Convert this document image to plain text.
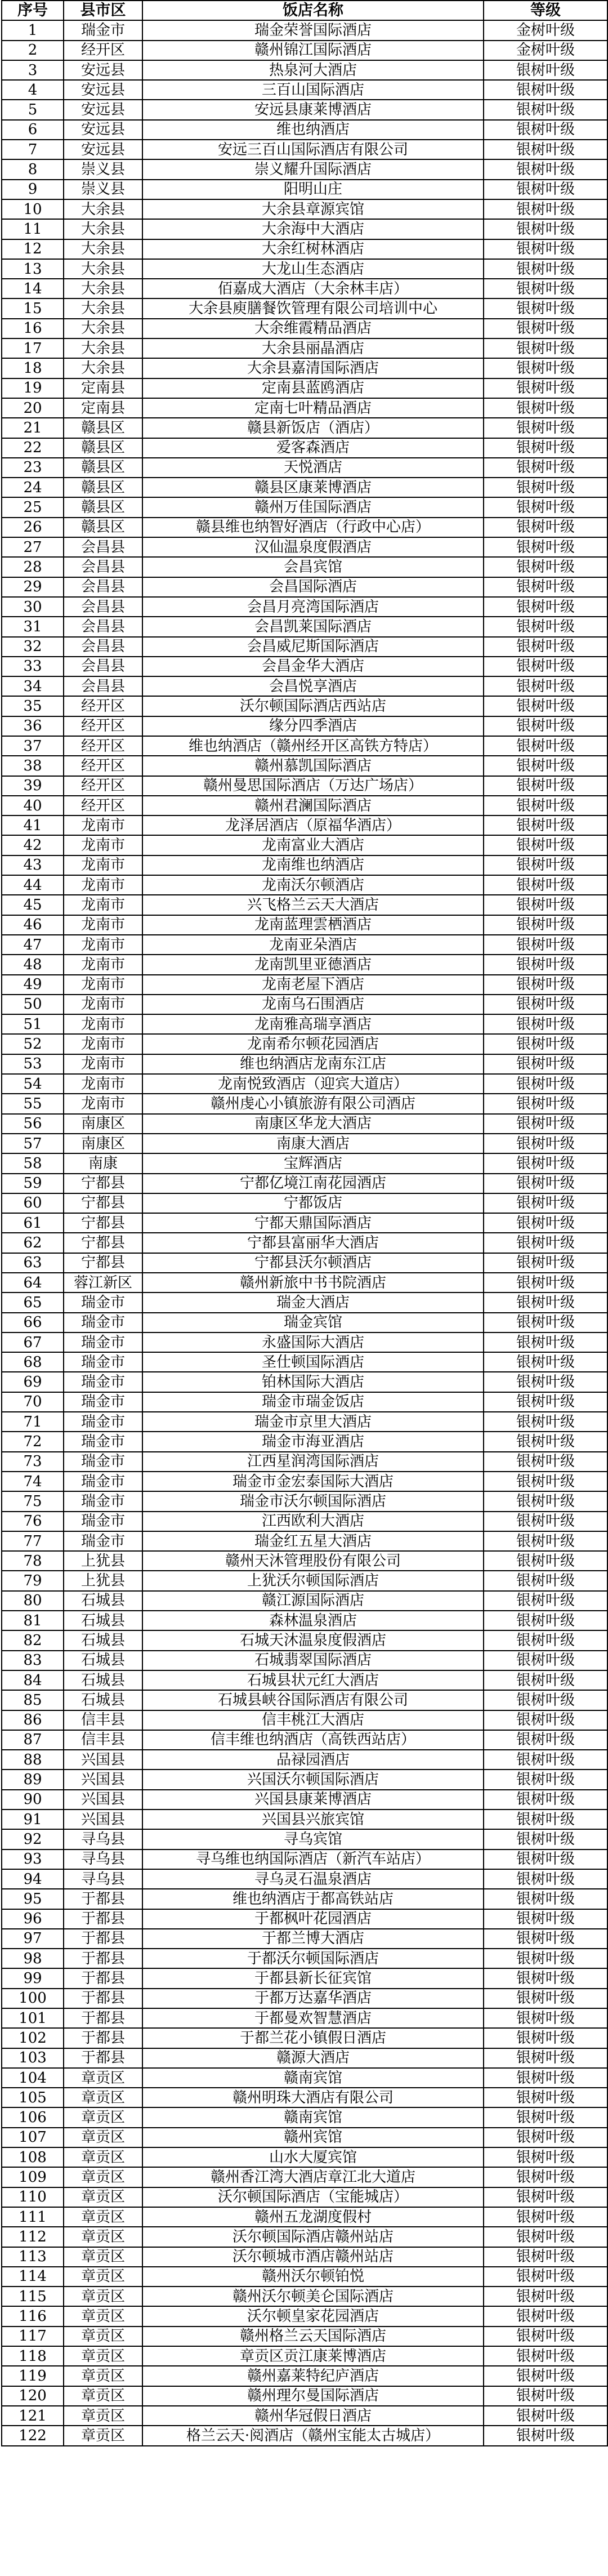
序号	县市区	饭店名称	等级
1	瑞金市	瑞金荣誉国际酒店	金树叶级
2	经开区	赣州锦江国际酒店	金树叶级
3	安远县	热泉河大酒店	银树叶级
4	安远县	三百山国际酒店	银树叶级
5	安远县	安远县康莱博酒店	银树叶级
6	安远县	维也纳酒店	银树叶级
7	安远县	安远三百山国际酒店有限公司	银树叶级
8	崇义县	崇义耀升国际酒店	银树叶级
9	崇义县	阳明山庄	银树叶级
10	大余县	大余县章源宾馆	银树叶级
11	大余县	大余海中大酒店	银树叶级
12	大余县	大余红树林酒店	银树叶级
13	大余县	大龙山生态酒店	银树叶级
14	大余县	佰嘉成大酒店（大余林丰店）	银树叶级
15	大余县	大余县庾膳餐饮管理有限公司培训中心	银树叶级
16	大余县	大余维霞精品酒店	银树叶级
17	大余县	大余县丽晶酒店	银树叶级
18	大余县	大余县嘉清国际酒店	银树叶级
19	定南县	定南县蓝鸥酒店	银树叶级
20	定南县	定南七叶精品酒店	银树叶级
21	赣县区	赣县新饭店（酒店）	银树叶级
22	赣县区	爱客森酒店	银树叶级
23	赣县区	天悦酒店	银树叶级
24	赣县区	赣县区康莱博酒店	银树叶级
25	赣县区	赣州万佳国际酒店	银树叶级
26	赣县区	赣县维也纳智好酒店（行政中心店）	银树叶级
27	会昌县	汉仙温泉度假酒店	银树叶级
28	会昌县	会昌宾馆	银树叶级
29	会昌县	会昌国际酒店	银树叶级
30	会昌县	会昌月亮湾国际酒店	银树叶级
31	会昌县	会昌凯莱国际酒店	银树叶级
32	会昌县	会昌威尼斯国际酒店	银树叶级
33	会昌县	会昌金华大酒店	银树叶级
34	会昌县	会昌悦享酒店	银树叶级
35	经开区	沃尔顿国际酒店西站店	银树叶级
36	经开区	缘分四季酒店	银树叶级
37	经开区	维也纳酒店（赣州经开区高铁方特店）	银树叶级
38	经开区	赣州慕凯国际酒店	银树叶级
39	经开区	赣州曼思国际酒店（万达广场店）	银树叶级
40	经开区	赣州君澜国际酒店	银树叶级
41	龙南市	龙泽居酒店（原福华酒店）	银树叶级
42	龙南市	龙南富业大酒店	银树叶级
43	龙南市	龙南维也纳酒店	银树叶级
44	龙南市	龙南沃尔顿酒店	银树叶级
45	龙南市	兴飞格兰云天大酒店	银树叶级
46	龙南市	龙南蓝理雲栖酒店	银树叶级
47	龙南市	龙南亚朵酒店	银树叶级
48	龙南市	龙南凯里亚德酒店	银树叶级
49	龙南市	龙南老屋下酒店	银树叶级
50	龙南市	龙南乌石围酒店	银树叶级
51	龙南市	龙南雅高瑞享酒店	银树叶级
52	龙南市	龙南希尔顿花园酒店	银树叶级
53	龙南市	维也纳酒店龙南东江店	银树叶级
54	龙南市	龙南悦致酒店（迎宾大道店）	银树叶级
55	龙南市	赣州虔心小镇旅游有限公司酒店	银树叶级
56	南康区	南康区华龙大酒店	银树叶级
57	南康区	南康大酒店	银树叶级
58	南康	宝辉酒店	银树叶级
59	宁都县	宁都亿境江南花园酒店	银树叶级
60	宁都县	宁都饭店	银树叶级
61	宁都县	宁都天鼎国际酒店	银树叶级
62	宁都县	宁都县富丽华大酒店	银树叶级
63	宁都县	宁都县沃尔顿酒店	银树叶级
64	蓉江新区	赣州新旅中书书院酒店	银树叶级
65	瑞金市	瑞金大酒店	银树叶级
66	瑞金市	瑞金宾馆	银树叶级
67	瑞金市	永盛国际大酒店	银树叶级
68	瑞金市	圣仕顿国际酒店	银树叶级
69	瑞金市	铂林国际大酒店	银树叶级
70	瑞金市	瑞金市瑞金饭店	银树叶级
71	瑞金市	瑞金市京里大酒店	银树叶级
72	瑞金市	瑞金市海亚酒店	银树叶级
73	瑞金市	江西星润湾国际酒店	银树叶级
74	瑞金市	瑞金市金宏泰国际大酒店	银树叶级
75	瑞金市	瑞金市沃尔顿国际酒店	银树叶级
76	瑞金市	江西欧利大酒店	银树叶级
77	瑞金市	瑞金红五星大酒店	银树叶级
78	上犹县	赣州天沐管理股份有限公司	银树叶级
79	上犹县	上犹沃尔顿国际酒店	银树叶级
80	石城县	赣江源国际酒店	银树叶级
81	石城县	森林温泉酒店	银树叶级
82	石城县	石城天沐温泉度假酒店	银树叶级
83	石城县	石城翡翠国际酒店	银树叶级
84	石城县	石城县状元红大酒店	银树叶级
85	石城县	石城县峡谷国际酒店有限公司	银树叶级
86	信丰县	信丰桃江大酒店	银树叶级
87	信丰县	信丰维也纳酒店（高铁西站店）	银树叶级
88	兴国县	品禄园酒店	银树叶级
89	兴国县	兴国沃尔顿国际酒店	银树叶级
90	兴国县	兴国县康莱博酒店	银树叶级
91	兴国县	兴国县兴旅宾馆	银树叶级
92	寻乌县	寻乌宾馆	银树叶级
93	寻乌县	寻乌维也纳国际酒店（新汽车站店）	银树叶级
94	寻乌县	寻乌灵石温泉酒店	银树叶级
95	于都县	维也纳酒店于都高铁站店	银树叶级
96	于都县	于都枫叶花园酒店	银树叶级
97	于都县	于都兰博大酒店	银树叶级
98	于都县	于都沃尔顿国际酒店	银树叶级
99	于都县	于都县新长征宾馆	银树叶级
100	于都县	于都万达嘉华酒店	银树叶级
101	于都县	于都曼欢智慧酒店	银树叶级
102	于都县	于都兰花小镇假日酒店	银树叶级
103	于都县	赣源大酒店	银树叶级
104	章贡区	赣南宾馆	银树叶级
105	章贡区	赣州明珠大酒店有限公司	银树叶级
106	章贡区	赣南宾馆	银树叶级
107	章贡区	赣州宾馆	银树叶级
108	章贡区	山水大厦宾馆	银树叶级
109	章贡区	赣州香江湾大酒店章江北大道店	银树叶级
110	章贡区	沃尔顿国际酒店（宝能城店）	银树叶级
111	章贡区	赣州五龙湖度假村	银树叶级
112	章贡区	沃尔顿国际酒店赣州站店	银树叶级
113	章贡区	沃尔顿城市酒店赣州站店	银树叶级
114	章贡区	赣州沃尔顿铂悦	银树叶级
115	章贡区	赣州沃尔顿美仑国际酒店	银树叶级
116	章贡区	沃尔顿皇家花园酒店	银树叶级
117	章贡区	赣州格兰云天国际酒店	银树叶级
118	章贡区	章贡区贡江康莱博酒店	银树叶级
119	章贡区	赣州嘉莱特纪庐酒店	银树叶级
120	章贡区	赣州理尔曼国际酒店	银树叶级
121	章贡区	赣州华冠假日酒店	银树叶级
122	章贡区	格兰云天·阅酒店（赣州宝能太古城店）	银树叶级
